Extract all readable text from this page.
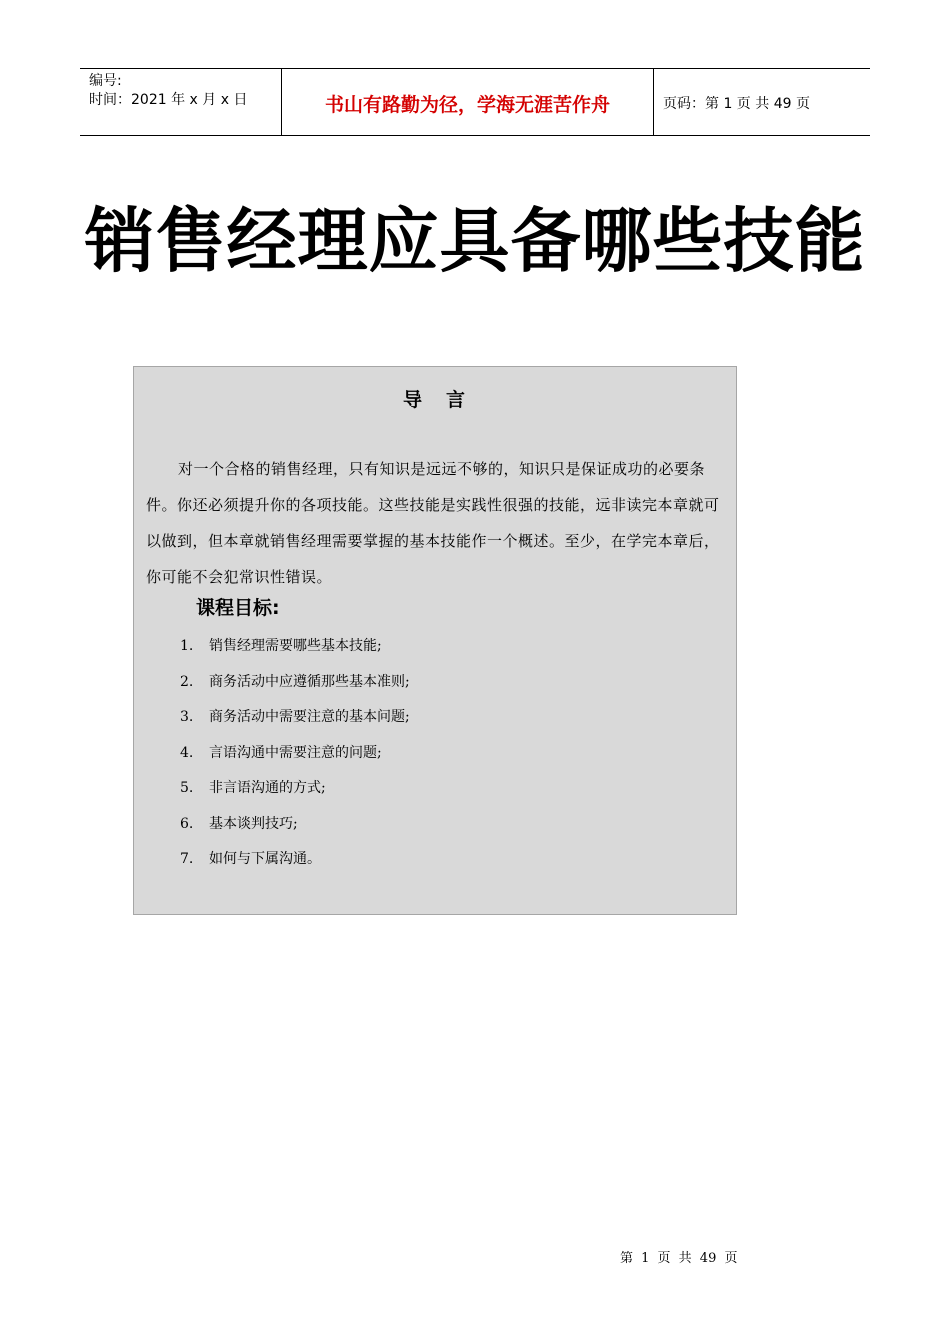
编号:
时间：2021 年 x 月 x 日	书山有路勤为径，学海无涯苦作舟	页码：第 1 页 共 49 页
销售经理应具备哪些技能
导言

对一个合格的销售经理，只有知识是远远不够的，知识只是保证成功的必要条件。你还必须提升你的各项技能。这些技能是实践性很强的技能，远非读完本章就可以做到，但本章就销售经理需要掌握的基本技能作一个概述。至少，在学完本章后，你可能不会犯常识性错误。

课程目标:
1.	销售经理需要哪些基本技能;
2.	商务活动中应遵循那些基本准则;
3.	商务活动中需要注意的基本问题;
4.	言语沟通中需要注意的问题;
5.	非言语沟通的方式;
6.	基本谈判技巧;
7.	如何与下属沟通。
第 1 页 共 49 页
